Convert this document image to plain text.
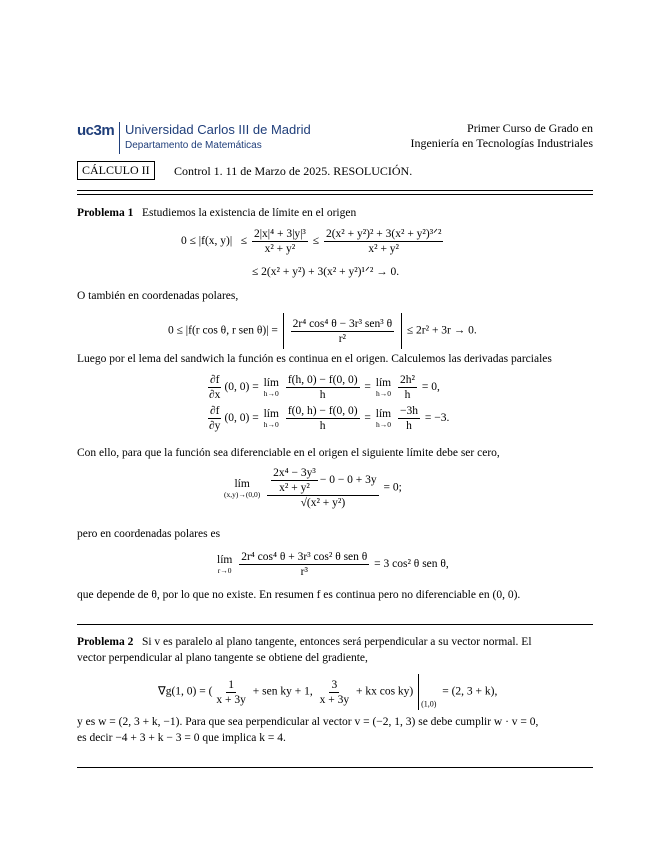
uc3m Universidad Carlos III de Madrid
Departamento de Matemáticas
Primer Curso de Grado en
Ingeniería en Tecnologías Industriales
CÁLCULO II	Control 1. 11 de Marzo de 2025. RESOLUCIÓN.
Problema 1 Estudiemos la existencia de límite en el origen
0 ≤ |f(x, $y)| \le \frac{\text{2|x|⁴ + 3|y|³}}{\text{x² + y²}} \le \frac{\text{2(x² + y²)² + 3(x² + y²)³ᐟ²}}{\text{x² + y²}}$
≤ 2(x² + y²) + 3(x² + y²)¹ᐟ² → 0.
O también en coordenadas polares,
0 ≤ |f(r cos θ, r sen $\theta)| = \frac{\text{2r⁴ cos⁴ θ − 3r³ sen³ θ}}{\text{r²}} \le 2r^2 + 3r \to 0$.
Luego por el lema del sandwich la función es continua en el origen. Calculemos las derivadas parciales
$\frac{\partial f}{\partial x} (0$, 0) = lím
h→0
$\frac{f(h, 0) - f(0, 0)}{h}$ = lím
h→0
$\frac{\text{2h²}}{h} = 0$,
$\frac{\partial f}{\partial y} (0$, 0) = lím
h→0
$\frac{f(0, h) - f(0, 0)}{h}$ = lím
h→0
$\frac{-3h}{h} = -3$.
Con ello, para que la función sea diferenciable en el origen el siguiente límite debe ser cero,
lím
(x,y)→(0,0)
$\frac{\frac{\text{2x⁴ − 3y³}}{\text{x² + y²}} - 0 - 0 + 3y}{\text{√(x² + y²)}} = 0$;
pero en coordenadas polares es
lím
r→0
$\frac{\text{2r⁴ cos⁴ θ + 3r³ cos² θ sen θ}}{\text{r³}} = 3$ cos² θ sen θ,
que depende de θ, por lo que no existe. En resumen f es continua pero no diferenciable en (0, 0).
Problema 2 Si v es paralelo al plano tangente, entonces será perpendicular a su vector normal. El
vector perpendicular al plano tangente se obtiene del gradiente,
∇g(1, 0) = ( $\frac{1}{x + 3y}$ + sen ky + 1, $\frac{3}{x + 3y}$ + kx cos ky) $_{(1,0)}$  = (2, 3 + k),
y es w = (2, 3 + k, −1). Para que sea perpendicular al vector v = (−2, 1, 3) se debe cumplir w · v = 0,
es decir −4 + 3 + k − 3 = 0 que implica k = 4.
